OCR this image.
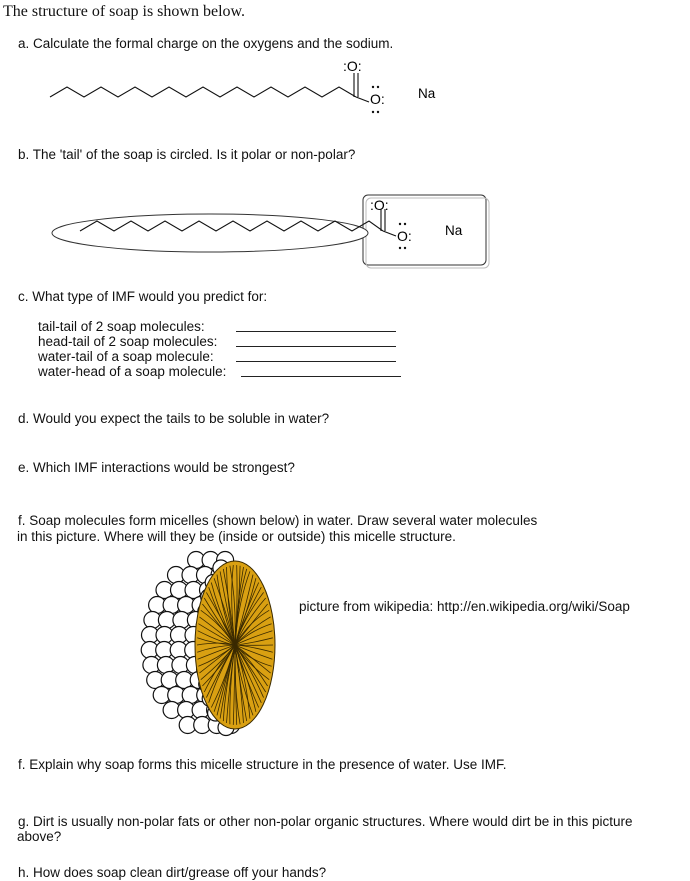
The structure of soap is shown below.
a. Calculate the formal charge on the oxygens and the sodium.
:O:
O: Na
b. The 'tail' of the soap is circled. Is it polar or non-polar?
:O:
O: Na
c. What type of IMF would you predict for:
tail-tail of 2 soap molecules:
head-tail of 2 soap molecules:
water-tail of a soap molecule:
water-head of a soap molecule:
d. Would you expect the tails to be soluble in water?
e. Which IMF interactions would be strongest?
f. Soap molecules form micelles (shown below) in water. Draw several water molecules
in this picture. Where will they be (inside or outside) this micelle structure.
picture from wikipedia: http://en.wikipedia.org/wiki/Soap
f. Explain why soap forms this micelle structure in the presence of water. Use IMF.
g. Dirt is usually non-polar fats or other non-polar organic structures. Where would dirt be in this picture
above?
h. How does soap clean dirt/grease off your hands?
